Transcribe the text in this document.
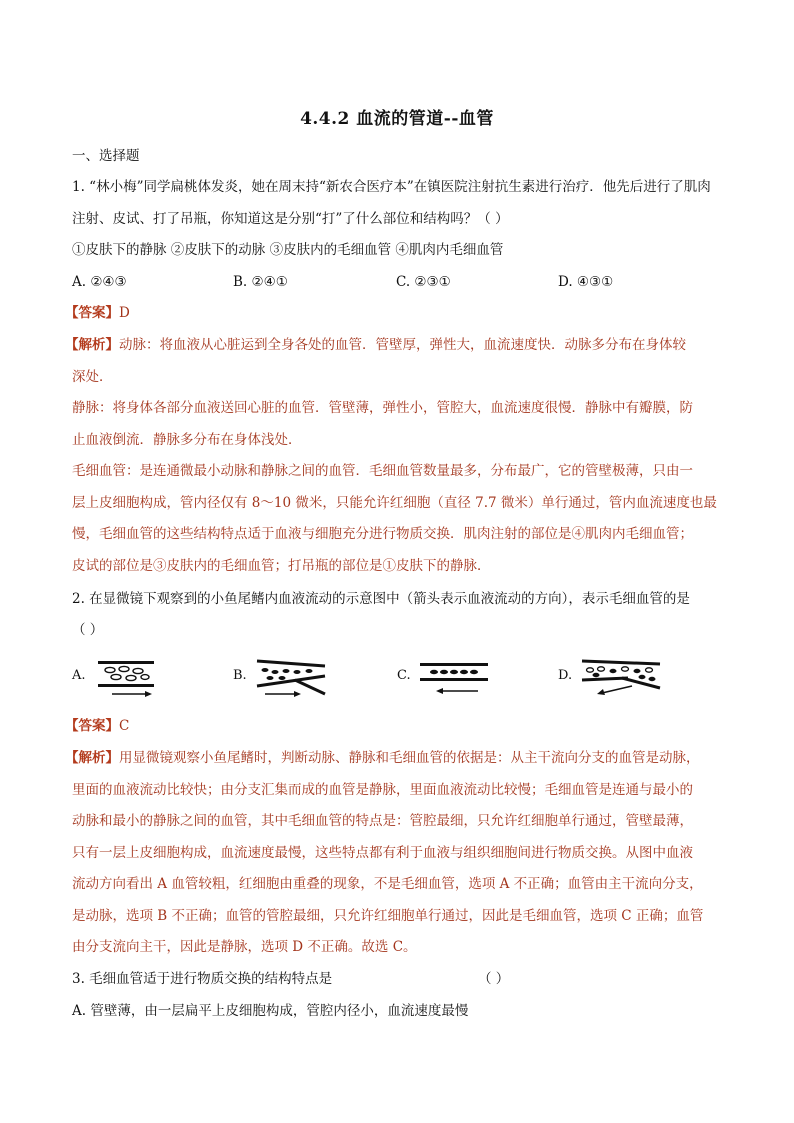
4.4.2 血流的管道--血管
一、选择题
1. “林小梅”同学扁桃体发炎，她在周末持“新农合医疗本”在镇医院注射抗生素进行治疗．他先后进行了肌肉
注射、皮试、打了吊瓶，你知道这是分别“打”了什么部位和结构吗？（ ）
①皮肤下的静脉 ②皮肤下的动脉 ③皮肤内的毛细血管 ④肌肉内毛细血管
A. ②④③	B. ②④①	C. ②③①	D. ④③①
【答案】D
【解析】动脉：将血液从心脏运到全身各处的血管．管壁厚，弹性大，血流速度快．动脉多分布在身体较
深处．
静脉：将身体各部分血液送回心脏的血管．管壁薄，弹性小，管腔大，血流速度很慢．静脉中有瓣膜，防
止血液倒流．静脉多分布在身体浅处．
毛细血管：是连通微最小动脉和静脉之间的血管．毛细血管数量最多，分布最广，它的管壁极薄，只由一
层上皮细胞构成，管内径仅有 8～10 微米，只能允许红细胞（直径 7.7 微米）单行通过，管内血流速度也最
慢，毛细血管的这些结构特点适于血液与细胞充分进行物质交换．肌肉注射的部位是④肌肉内毛细血管；
皮试的部位是③皮肤内的毛细血管；打吊瓶的部位是①皮肤下的静脉．
2. 在显微镜下观察到的小鱼尾鳍内血液流动的示意图中（箭头表示血液流动的方向），表示毛细血管的是
（ ）
A.	B.	C.	D.
【答案】C
【解析】用显微镜观察小鱼尾鳍时，判断动脉、静脉和毛细血管的依据是：从主干流向分支的血管是动脉，
里面的血液流动比较快；由分支汇集而成的血管是静脉，里面血液流动比较慢；毛细血管是连通与最小的
动脉和最小的静脉之间的血管，其中毛细血管的特点是：管腔最细，只允许红细胞单行通过，管壁最薄，
只有一层上皮细胞构成，血流速度最慢，这些特点都有利于血液与组织细胞间进行物质交换。从图中血液
流动方向看出 A 血管较粗，红细胞由重叠的现象，不是毛细血管，选项 A 不正确；血管由主干流向分支，
是动脉，选项 B 不正确；血管的管腔最细，只允许红细胞单行通过，因此是毛细血管，选项 C 正确；血管
由分支流向主干，因此是静脉，选项 D 不正确。故选 C。
3. 毛细血管适于进行物质交换的结构特点是	（ ）
A. 管壁薄，由一层扁平上皮细胞构成，管腔内径小，血流速度最慢
